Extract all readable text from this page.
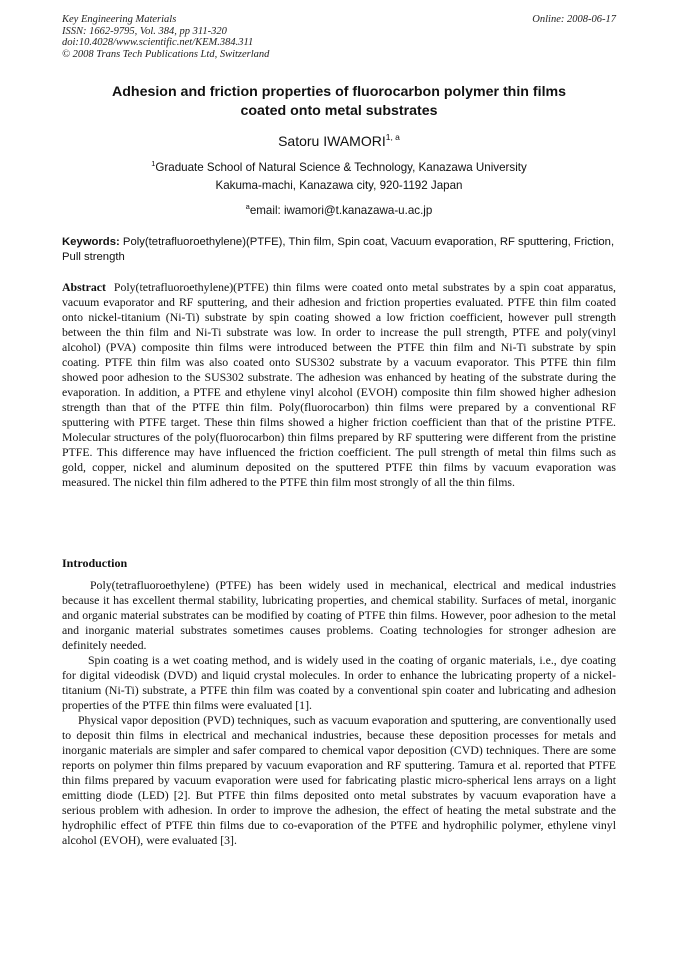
Key Engineering Materials
ISSN: 1662-9795, Vol. 384, pp 311-320
doi:10.4028/www.scientific.net/KEM.384.311
© 2008 Trans Tech Publications Ltd, Switzerland
Online: 2008-06-17
Adhesion and friction properties of fluorocarbon polymer thin films
coated onto metal substrates
Satoru IWAMORI$^{1, a}$
$^1$Graduate School of Natural Science & Technology, Kanazawa University
Kakuma-machi, Kanazawa city, 920-1192 Japan
$^a$email: iwamori@t.kanazawa-u.ac.jp
Keywords: Poly(tetrafluoroethylene)(PTFE), Thin film, Spin coat, Vacuum evaporation, RF sputtering, Friction, Pull strength
Abstract Poly(tetrafluoroethylene)(PTFE) thin films were coated onto metal substrates by a spin coat apparatus, vacuum evaporator and RF sputtering, and their adhesion and friction properties evaluated. PTFE thin film coated onto nickel-titanium (Ni-Ti) substrate by spin coating showed a low friction coefficient, however pull strength between the thin film and Ni-Ti substrate was low. In order to increase the pull strength, PTFE and poly(vinyl alcohol) (PVA) composite thin films were introduced between the PTFE thin film and Ni-Ti substrate by spin coating. PTFE thin film was also coated onto SUS302 substrate by a vacuum evaporator. This PTFE thin film showed poor adhesion to the SUS302 substrate. The adhesion was enhanced by heating of the substrate during the evaporation. In addition, a PTFE and ethylene vinyl alcohol (EVOH) composite thin film showed higher adhesion strength than that of the PTFE thin film. Poly(fluorocarbon) thin films were prepared by a conventional RF sputtering with PTFE target. These thin films showed a higher friction coefficient than that of the pristine PTFE. Molecular structures of the poly(fluorocarbon) thin films prepared by RF sputtering were different from the pristine PTFE. This difference may have influenced the friction coefficient. The pull strength of metal thin films such as gold, copper, nickel and aluminum deposited on the sputtered PTFE thin films by vacuum evaporation was measured. The nickel thin film adhered to the PTFE thin film most strongly of all the thin films.
Introduction

Poly(tetrafluoroethylene) (PTFE) has been widely used in mechanical, electrical and medical industries because it has excellent thermal stability, lubricating properties, and chemical stability. Surfaces of metal, inorganic and organic material substrates can be modified by coating of PTFE thin films. However, poor adhesion to the metal and inorganic material substrates sometimes causes problems. Coating technologies for stronger adhesion are definitely needed.

Spin coating is a wet coating method, and is widely used in the coating of organic materials, i.e., dye coating for digital videodisk (DVD) and liquid crystal molecules. In order to enhance the lubricating property of a nickel-titanium (Ni-Ti) substrate, a PTFE thin film was coated by a conventional spin coater and lubricating and adhesion properties of the PTFE thin films were evaluated [1].

Physical vapor deposition (PVD) techniques, such as vacuum evaporation and sputtering, are conventionally used to deposit thin films in electrical and mechanical industries, because these deposition processes for metals and inorganic materials are simpler and safer compared to chemical vapor deposition (CVD) techniques. There are some reports on polymer thin films prepared by vacuum evaporation and RF sputtering. Tamura et al. reported that PTFE thin films prepared by vacuum evaporation were used for fabricating plastic micro-spherical lens arrays on a light emitting diode (LED) [2]. But PTFE thin films deposited onto metal substrates by vacuum evaporation have a serious problem with adhesion. In order to improve the adhesion, the effect of heating the metal substrate and the hydrophilic effect of PTFE thin films due to co-evaporation of the PTFE and hydrophilic polymer, ethylene vinyl alcohol (EVOH), were evaluated [3].
